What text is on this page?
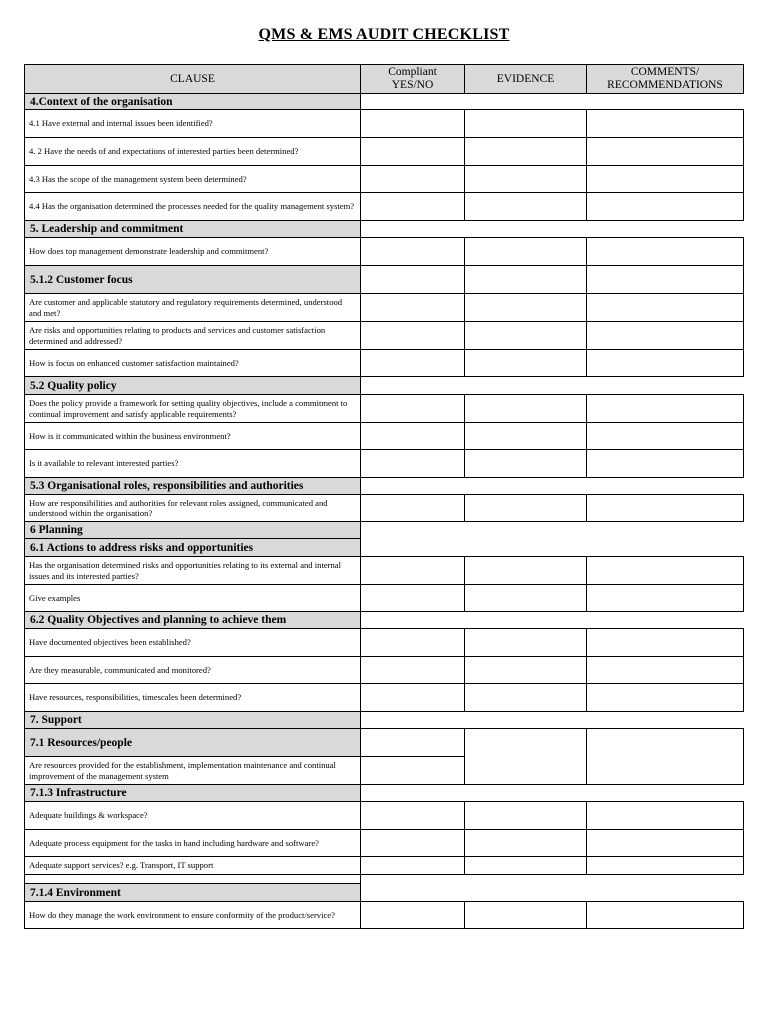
QMS & EMS AUDIT CHECKLIST
CLAUSE
Compliant
YES/NO
EVIDENCE
COMMENTS/
RECOMMENDATIONS
4.Context of the organisation
4.1 Have external and internal issues been identified?
4. 2 Have the needs of and expectations of interested parties been determined?
4.3 Has the scope of the management system been determined?
4.4 Has the organisation determined the processes needed for the quality management system?
5. Leadership and commitment
How does top management demonstrate leadership and commitment?
5.1.2 Customer focus
Are customer and applicable statutory and regulatory requirements determined, understood and met?
Are risks and opportunities relating to products and services and customer satisfaction determined and addressed?
How is focus on enhanced customer satisfaction maintained?
5.2 Quality policy
Does the policy provide a framework for setting quality objectives, include a commitment to continual improvement and satisfy applicable requirements?
How is it communicated within the business environment?
Is it available to relevant interested parties?
5.3 Organisational roles, responsibilities and authorities
How are responsibilities and authorities for relevant roles assigned, communicated and understood within the organisation?
6 Planning
6.1 Actions to address risks and opportunities
Has the organisation determined risks and opportunities relating to its external and internal issues and its interested parties?
Give examples
6.2 Quality Objectives and planning to achieve them
Have documented objectives been established?
Are they measurable, communicated and monitored?
Have resources, responsibilities, timescales been determined?
7. Support
7.1 Resources/people
Are resources provided for the establishment, implementation maintenance and continual improvement of the management system
7.1.3 Infrastructure
Adequate buildings & workspace?
Adequate process equipment for the tasks in hand including hardware and software?
Adequate support services? e.g. Transport, IT support
7.1.4 Environment
How do they manage the work environment to ensure conformity of the product/service?
